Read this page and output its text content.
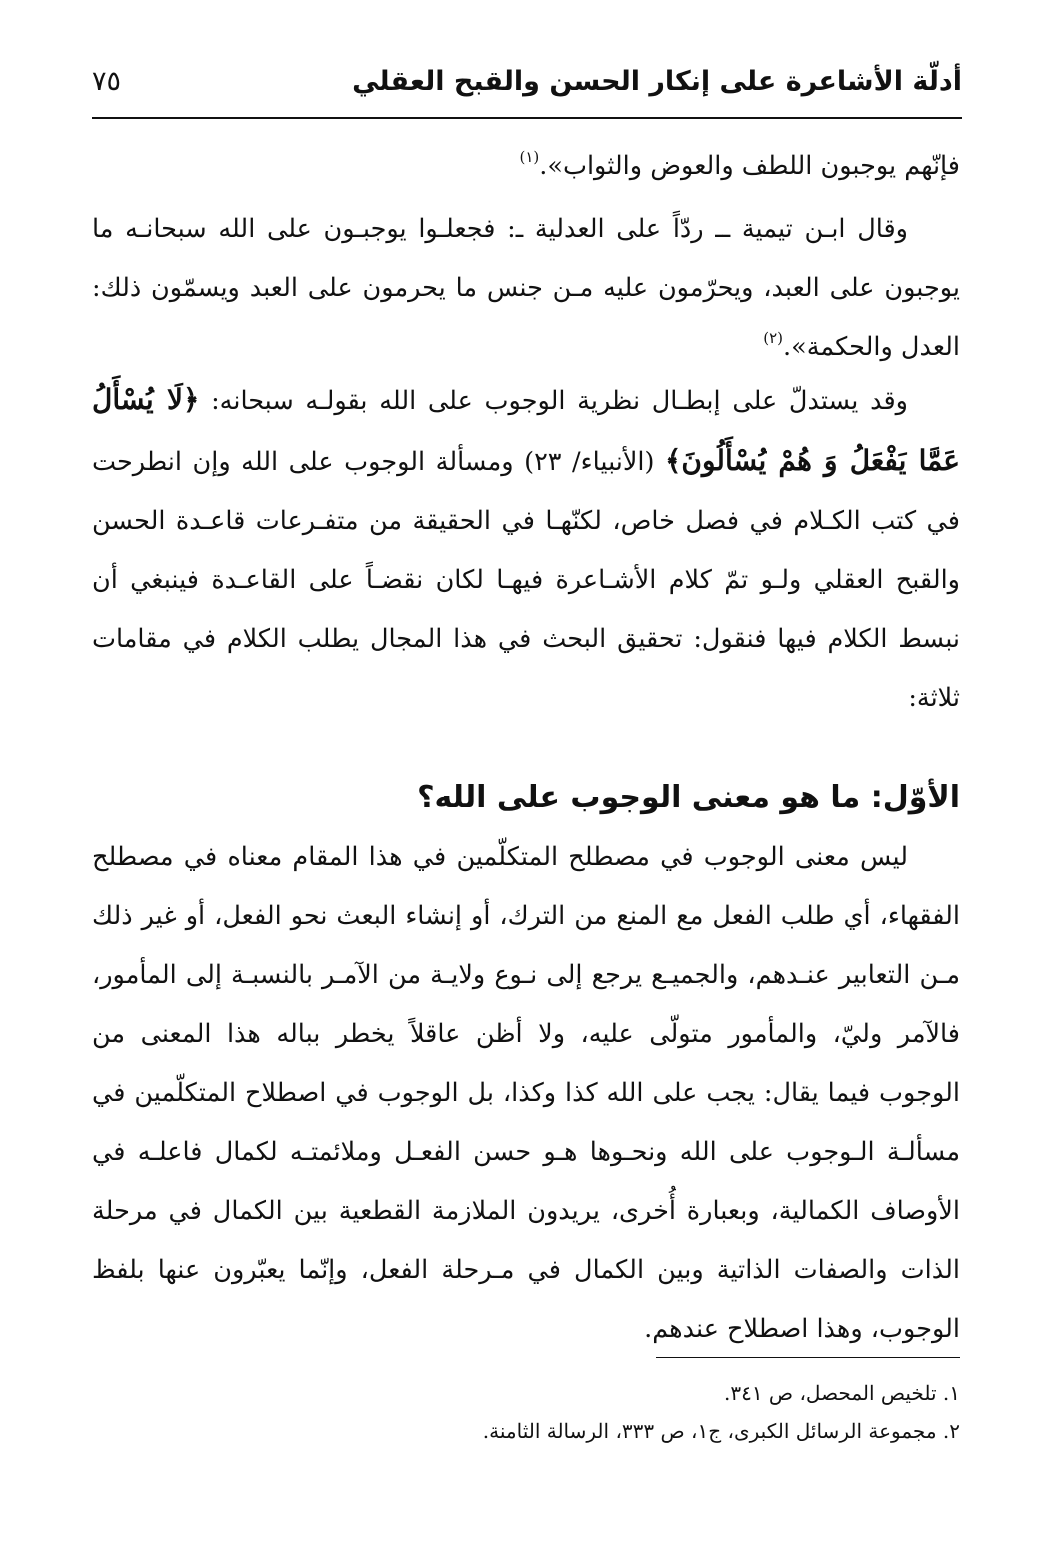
أدلّة الأشاعرة على إنكار الحسن والقبح العقلي
٧٥

فإنّهم يوجبون اللطف والعوض والثواب».$^{(١)}$

وقال ابـن تيمية ــ ردّاً على العدلية ـ: فجعلـوا يوجبـون على الله سبحانـه ما يوجبون على العبد، ويحرّمون عليه مـن جنس ما يحرمون على العبد ويسمّون ذلك: العدل والحكمة».$^{(٢)}$

وقد يستدلّ على إبطـال نظرية الوجوب على الله بقولـه سبحانه: ﴿لَا يُسْأَلُ عَمَّا يَفْعَلُ وَ هُمْ يُسْأَلُونَ﴾ (الأنبياء/ ٢٣) ومسألة الوجوب على الله وإن انطرحت في كتب الكـلام في فصل خاص، لكنّهـا في الحقيقة من متفـرعات قاعـدة الحسن والقبح العقلي ولـو تمّ كلام الأشـاعرة فيهـا لكان نقضـاً على القاعـدة فينبغي أن نبسط الكلام فيها فنقول: تحقيق البحث في هذا المجال يطلب الكلام في مقامات ثلاثة:

الأوّل: ما هو معنى الوجوب على الله؟

ليس معنى الوجوب في مصطلح المتكلّمين في هذا المقام معناه في مصطلح الفقهاء، أي طلب الفعل مع المنع من الترك، أو إنشاء البعث نحو الفعل، أو غير ذلك مـن التعابير عنـدهم، والجميـع يرجع إلى نـوع ولايـة من الآمـر بالنسبـة إلى المأمور، فالآمر وليّ، والمأمور متولّى عليه، ولا أظن عاقلاً يخطر بباله هذا المعنى من الوجوب فيما يقال: يجب على الله كذا وكذا، بل الوجوب في اصطلاح المتكلّمين في مسألـة الـوجوب على الله ونحـوها هـو حسن الفعـل وملائمتـه لكمال فاعلـه في الأوصاف الكمالية، وبعبارة أُخرى، يريدون الملازمة القطعية بين الكمال في مرحلة الذات والصفات الذاتية وبين الكمال في مـرحلة الفعل، وإنّما يعبّرون عنها بلفظ الوجوب، وهذا اصطلاح عندهم.

١. تلخيص المحصل، ص ٣٤١.
٢. مجموعة الرسائل الكبرى، ج١، ص ٣٣٣، الرسالة الثامنة.
